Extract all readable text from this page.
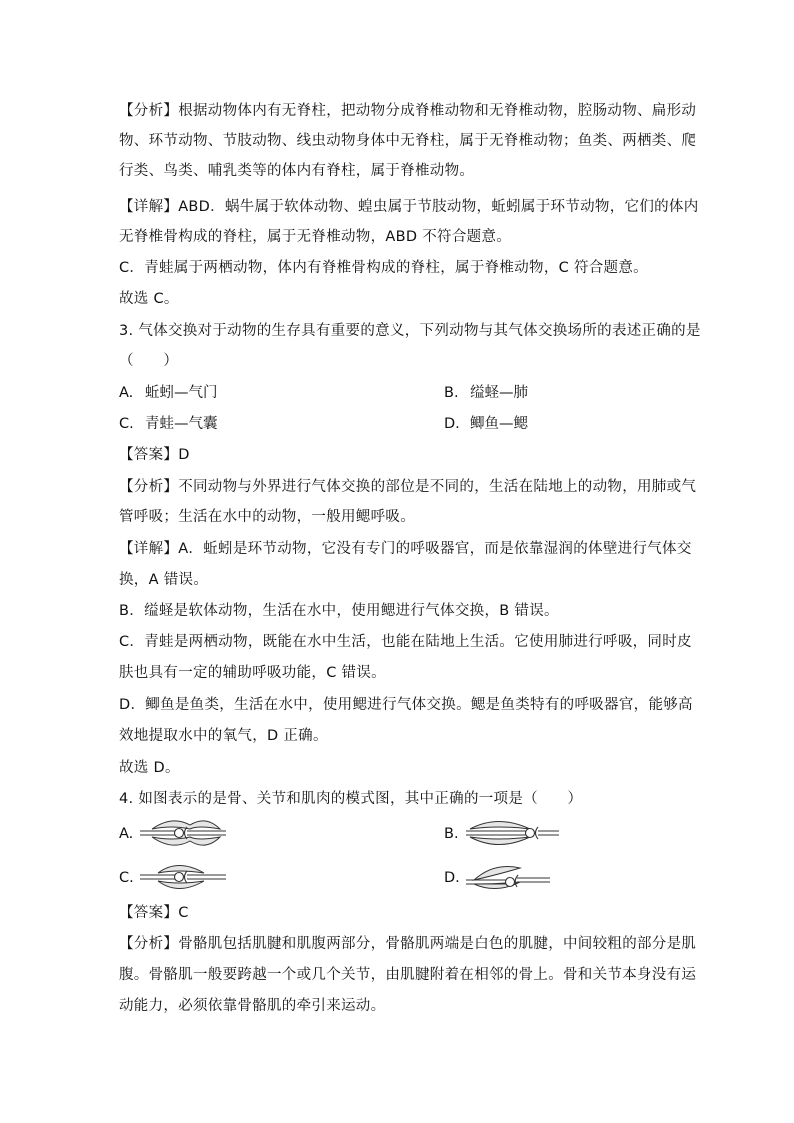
【分析】根据动物体内有无脊柱，把动物分成脊椎动物和无脊椎动物，腔肠动物、扁形动
物、环节动物、节肢动物、线虫动物身体中无脊柱，属于无脊椎动物；鱼类、两栖类、爬
行类、鸟类、哺乳类等的体内有脊柱，属于脊椎动物。
【详解】ABD．蜗牛属于软体动物、蝗虫属于节肢动物，蚯蚓属于环节动物，它们的体内
无脊椎骨构成的脊柱，属于无脊椎动物，ABD 不符合题意。
C．青蛙属于两栖动物，体内有脊椎骨构成的脊柱，属于脊椎动物，C 符合题意。
故选 C。
3. 气体交换对于动物的生存具有重要的意义，下列动物与其气体交换场所的表述正确的是
（　　）
A. 蚯蚓—气门	B. 缢蛏—肺
C. 青蛙—气囊	D. 鲫鱼—鳃
【答案】D
【分析】不同动物与外界进行气体交换的部位是不同的，生活在陆地上的动物，用肺或气
管呼吸；生活在水中的动物，一般用鳃呼吸。
【详解】A．蚯蚓是环节动物，它没有专门的呼吸器官，而是依靠湿润的体壁进行气体交
换，A 错误。
B．缢蛏是软体动物，生活在水中，使用鳃进行气体交换，B 错误。
C．青蛙是两栖动物，既能在水中生活，也能在陆地上生活。它使用肺进行呼吸，同时皮
肤也具有一定的辅助呼吸功能，C 错误。
D．鲫鱼是鱼类，生活在水中，使用鳃进行气体交换。鳃是鱼类特有的呼吸器官，能够高
效地提取水中的氧气，D 正确。
故选 D。
4. 如图表示的是骨、关节和肌肉的模式图，其中正确的一项是（　　）
A.	B.
C.	D.
【答案】C
【分析】骨骼肌包括肌腱和肌腹两部分，骨骼肌两端是白色的肌腱，中间较粗的部分是肌
腹。骨骼肌一般要跨越一个或几个关节，由肌腱附着在相邻的骨上。骨和关节本身没有运
动能力，必须依靠骨骼肌的牵引来运动。
